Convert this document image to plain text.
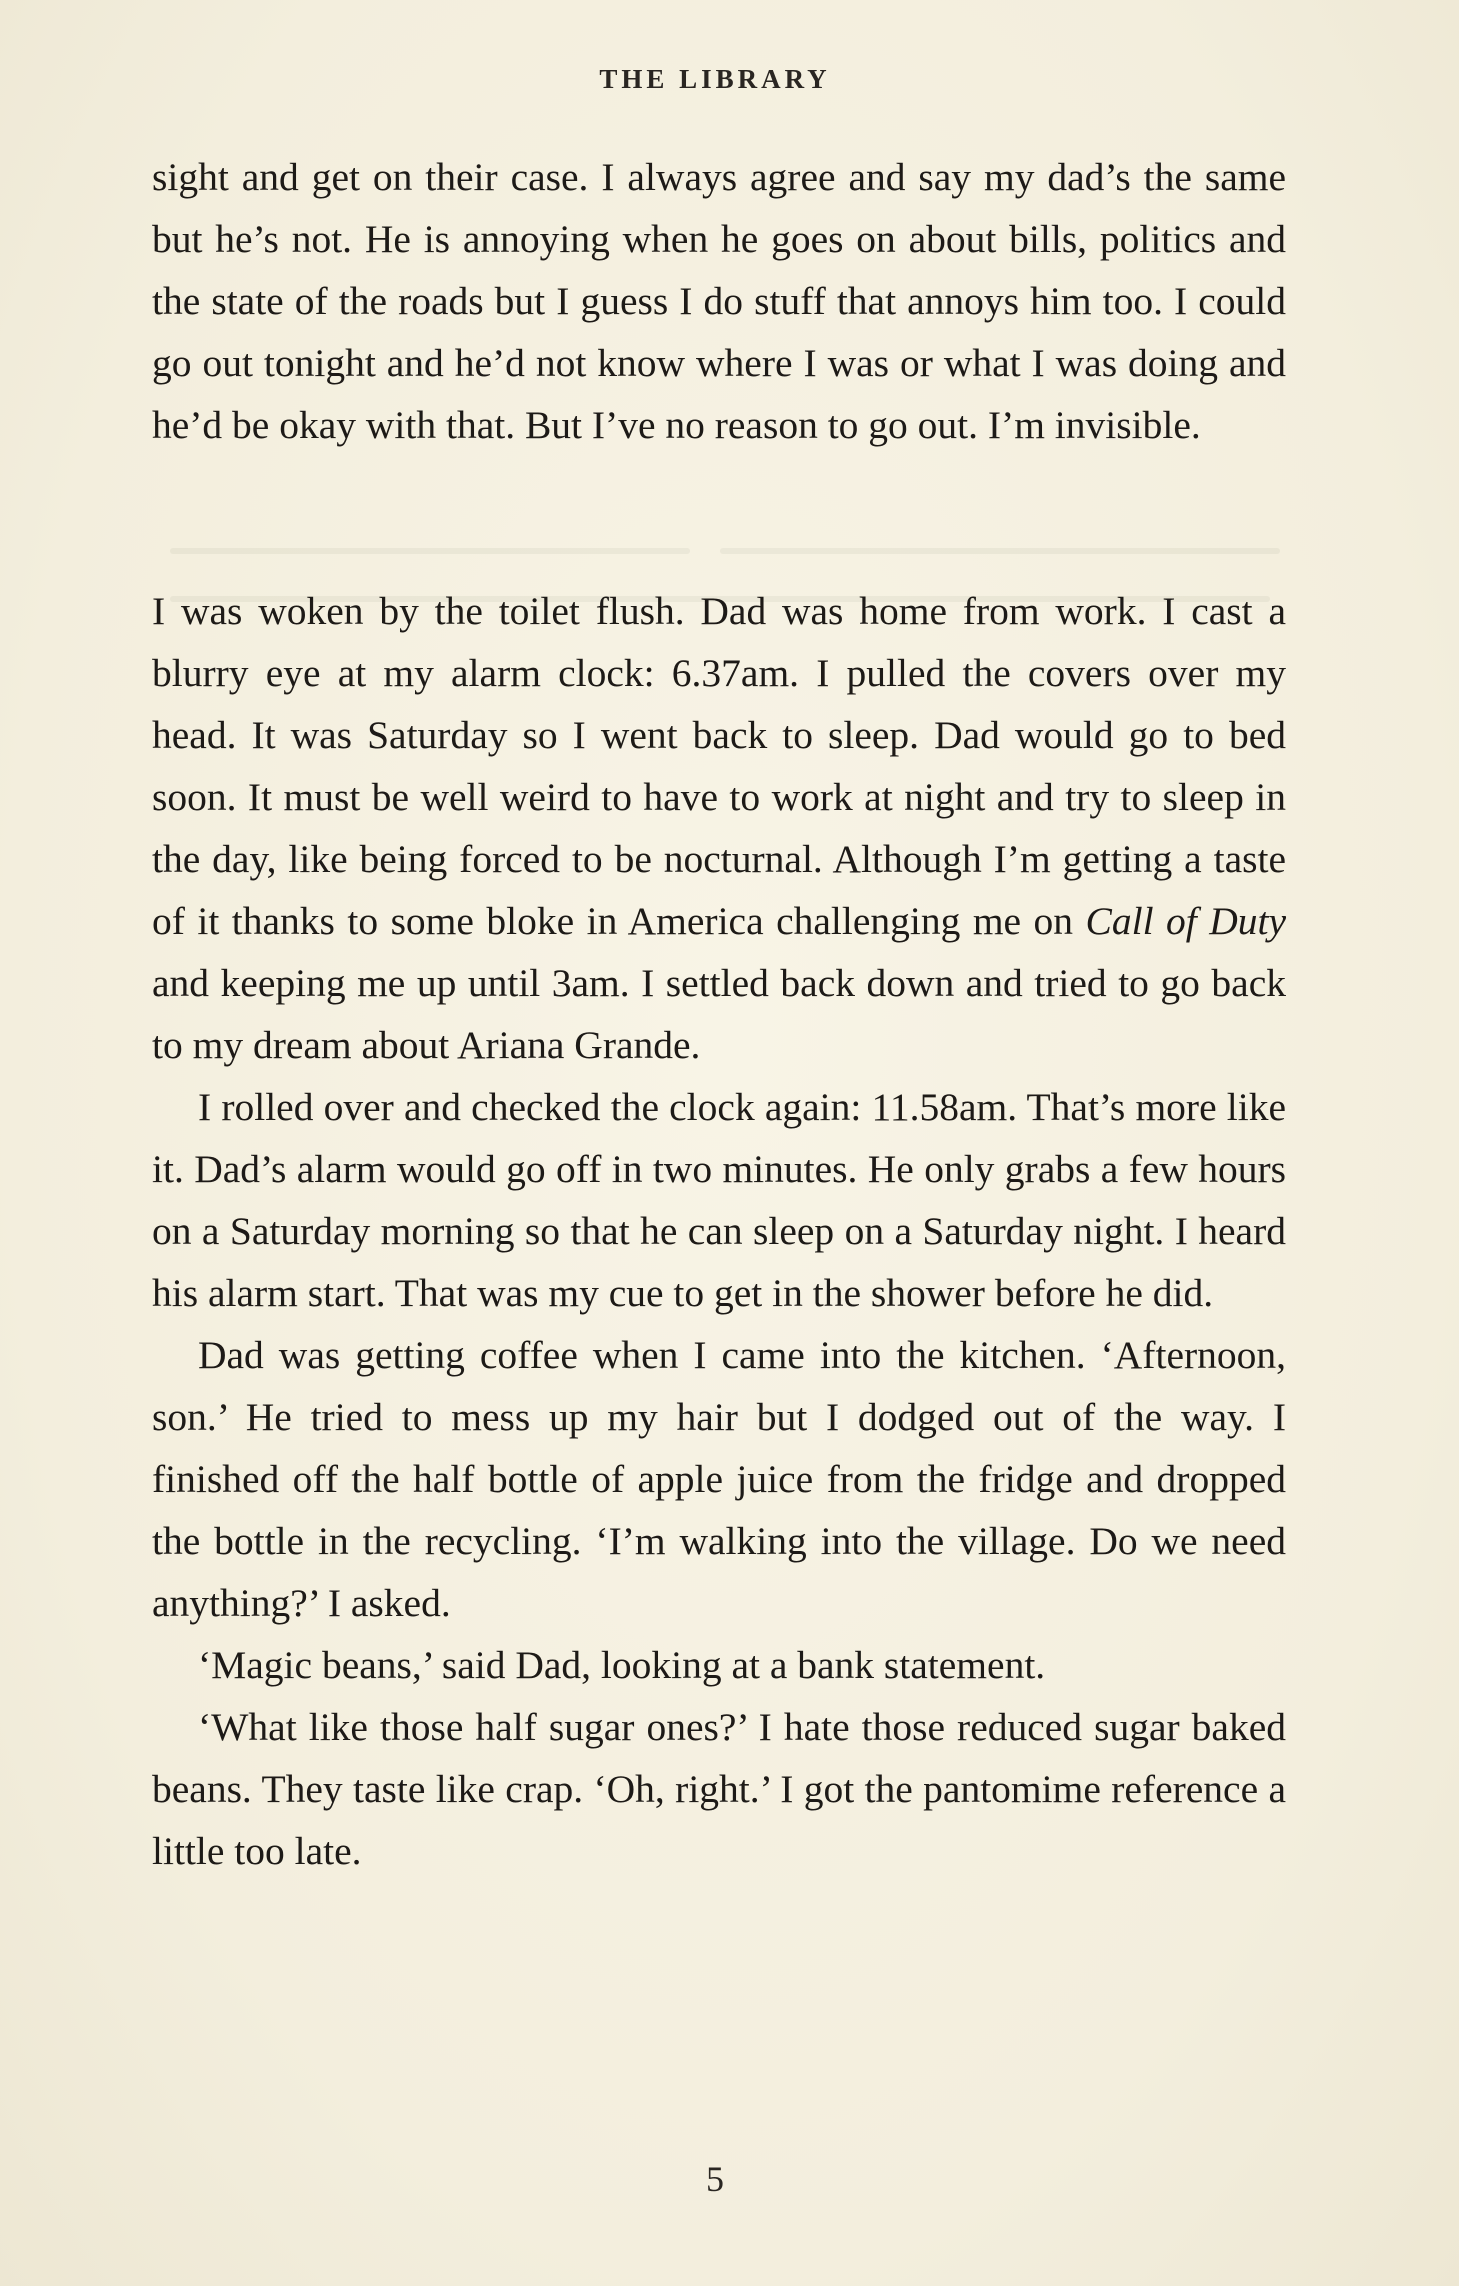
THE LIBRARY

sight and get on their case. I always agree and say my dad’s the same but he’s not. He is annoying when he goes on about bills, politics and the state of the roads but I guess I do stuff that annoys him too. I could go out tonight and he’d not know where I was or what I was doing and he’d be okay with that. But I’ve no reason to go out. I’m invisible.

I was woken by the toilet flush. Dad was home from work. I cast a blurry eye at my alarm clock: 6.37am. I pulled the covers over my head. It was Saturday so I went back to sleep. Dad would go to bed soon. It must be well weird to have to work at night and try to sleep in the day, like being forced to be nocturnal. Although I’m getting a taste of it thanks to some bloke in America challenging me on Call of Duty and keeping me up until 3am. I settled back down and tried to go back to my dream about Ariana Grande.

I rolled over and checked the clock again: 11.58am. That’s more like it. Dad’s alarm would go off in two minutes. He only grabs a few hours on a Saturday morning so that he can sleep on a Saturday night. I heard his alarm start. That was my cue to get in the shower before he did.

Dad was getting coffee when I came into the kitchen. ‘Afternoon, son.’ He tried to mess up my hair but I dodged out of the way. I finished off the half bottle of apple juice from the fridge and dropped the bottle in the recycling. ‘I’m walking into the village. Do we need anything?’ I asked.

‘Magic beans,’ said Dad, looking at a bank statement.

‘What like those half sugar ones?’ I hate those reduced sugar baked beans. They taste like crap. ‘Oh, right.’ I got the pantomime reference a little too late.

5
